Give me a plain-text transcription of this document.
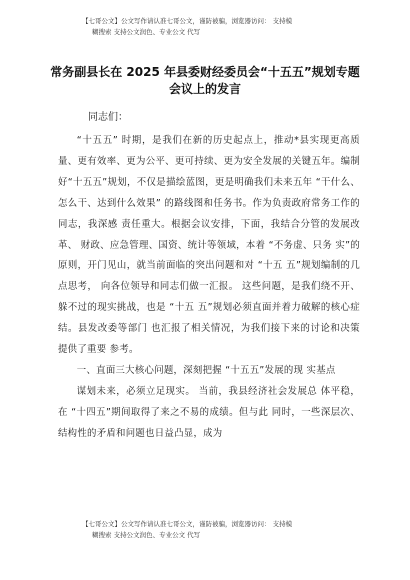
【七哥公文】公文写作请认准七哥公文，谨防被骗，浏览器访问： 支持模
糊搜索 支持公文润色、专业公文 代写
常务副县长在 2025 年县委财经委员会“十五五”规划专题
会议上的发言
同志们：

“十五五” 时期，是我们在新的历史起点上，推动*县实现更高质量、更有效率、更为公平、更可持续、更为安全发展的关键五年。编制好“十五五”规划，不仅是描绘蓝图，更是明确我们未来五年 “干什么、怎么干、达到什么效果” 的路线图和任务书。作为负责政府常务工作的同志，我深感 责任重大。根据会议安排，下面，我结合分管的发展改革、 财政、应急管理、国资、统计等领域，本着 “不务虚、只务 实”的原则，开门见山，就当前面临的突出问题和对 “十五 五”规划编制的几点思考， 向各位领导和同志们做一汇报。 这些问题，是我们绕不开、躲不过的现实挑战，也是 “十五 五”规划必须直面并着力破解的核心症结。县发改委等部门 也汇报了相关情况，为我们接下来的讨论和决策提供了重要 参考。

一、直面三大核心问题，深刻把握 “十五五”发展的现 实基点

谋划未来，必须立足现实。 当前，我县经济社会发展总 体平稳，在 “十四五”期间取得了来之不易的成绩。但与此 同时，一些深层次、结构性的矛盾和问题也日益凸显，成为

【七哥公文】公文写作请认准七哥公文，谨防被骗，浏览器访问： 支持模
糊搜索 支持公文润色、专业公文 代写
